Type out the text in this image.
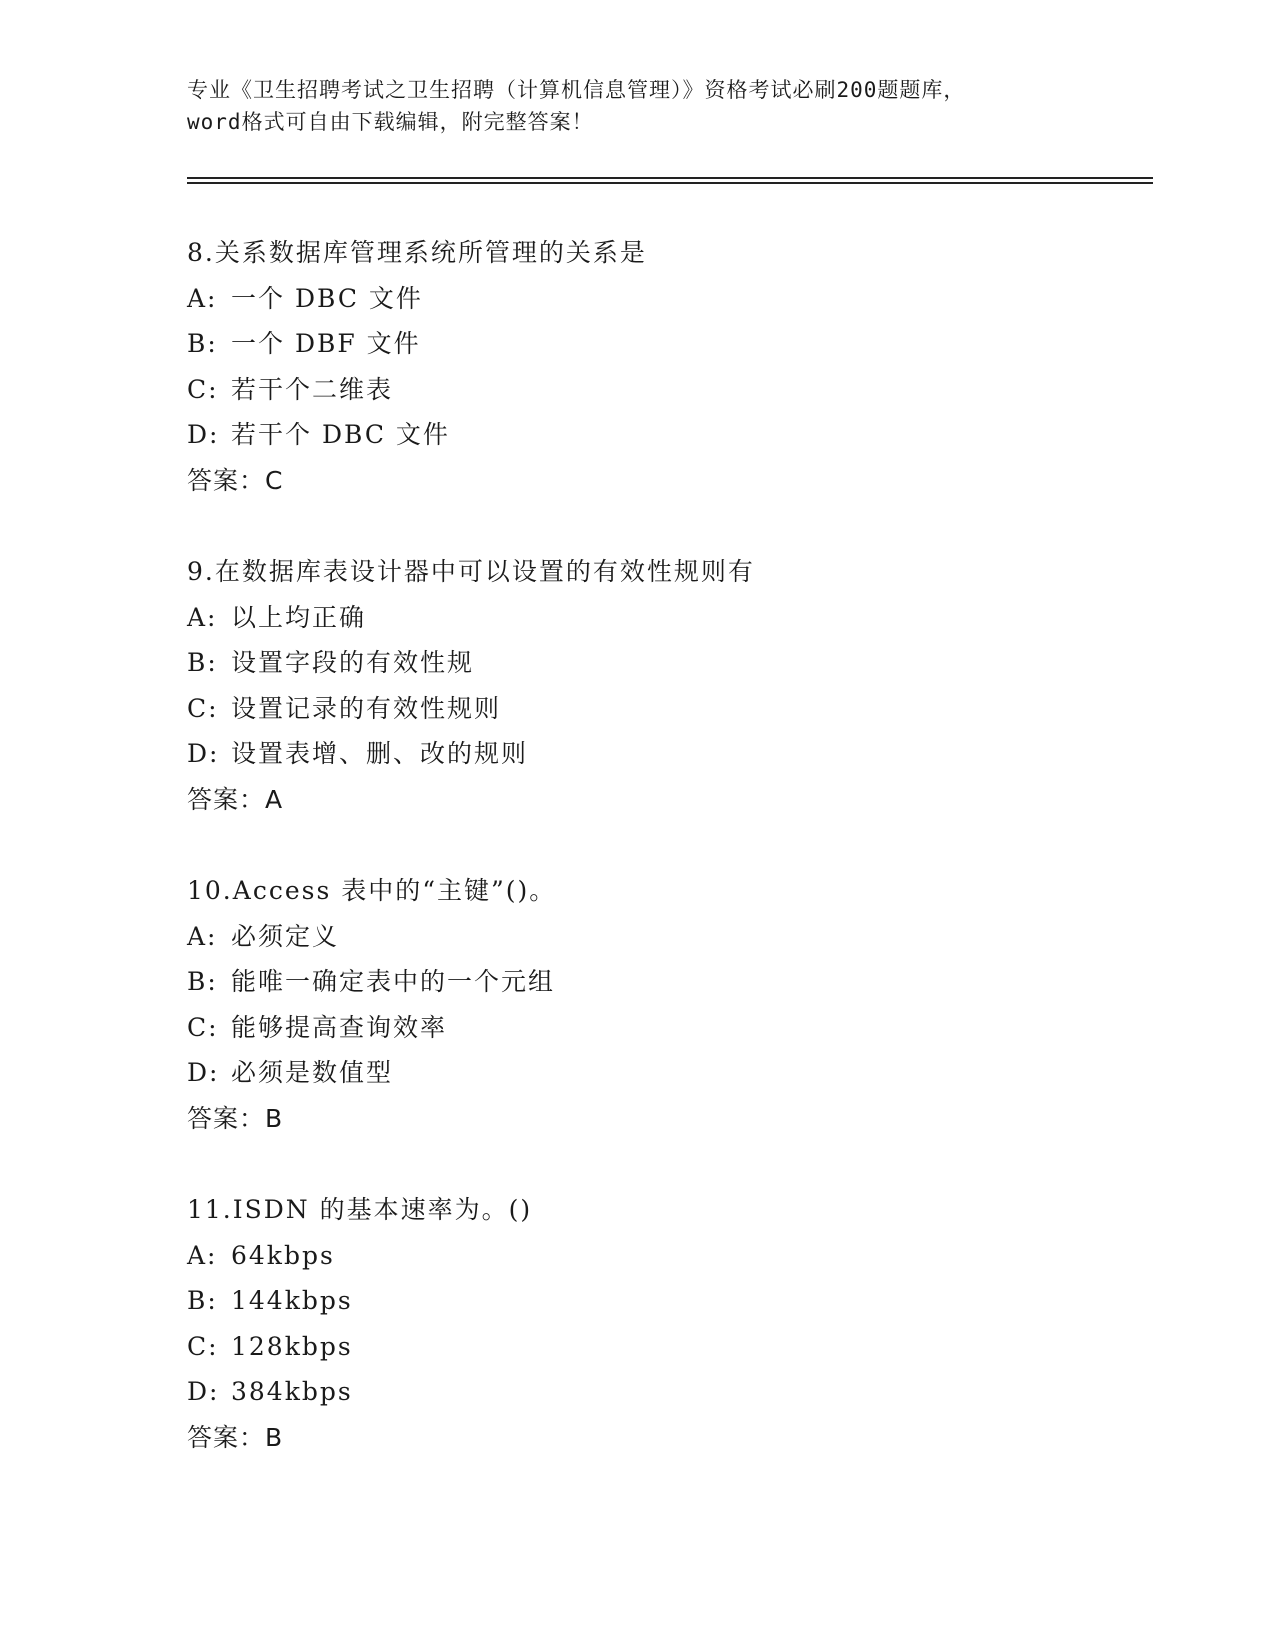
专业《卫生招聘考试之卫生招聘（计算机信息管理）》资格考试必刷200题题库，
word格式可自由下载编辑，附完整答案！
8.关系数据库管理系统所管理的关系是
A: 一个 DBC 文件
B: 一个 DBF 文件
C: 若干个二维表
D: 若干个 DBC 文件
答案：C
9.在数据库表设计器中可以设置的有效性规则有
A: 以上均正确
B: 设置字段的有效性规
C: 设置记录的有效性规则
D: 设置表增、删、改的规则
答案：A
10.Access 表中的“主键”()。
A: 必须定义
B: 能唯一确定表中的一个元组
C: 能够提高查询效率
D: 必须是数值型
答案：B
11.ISDN 的基本速率为。()
A: 64kbps
B: 144kbps
C: 128kbps
D: 384kbps
答案：B
